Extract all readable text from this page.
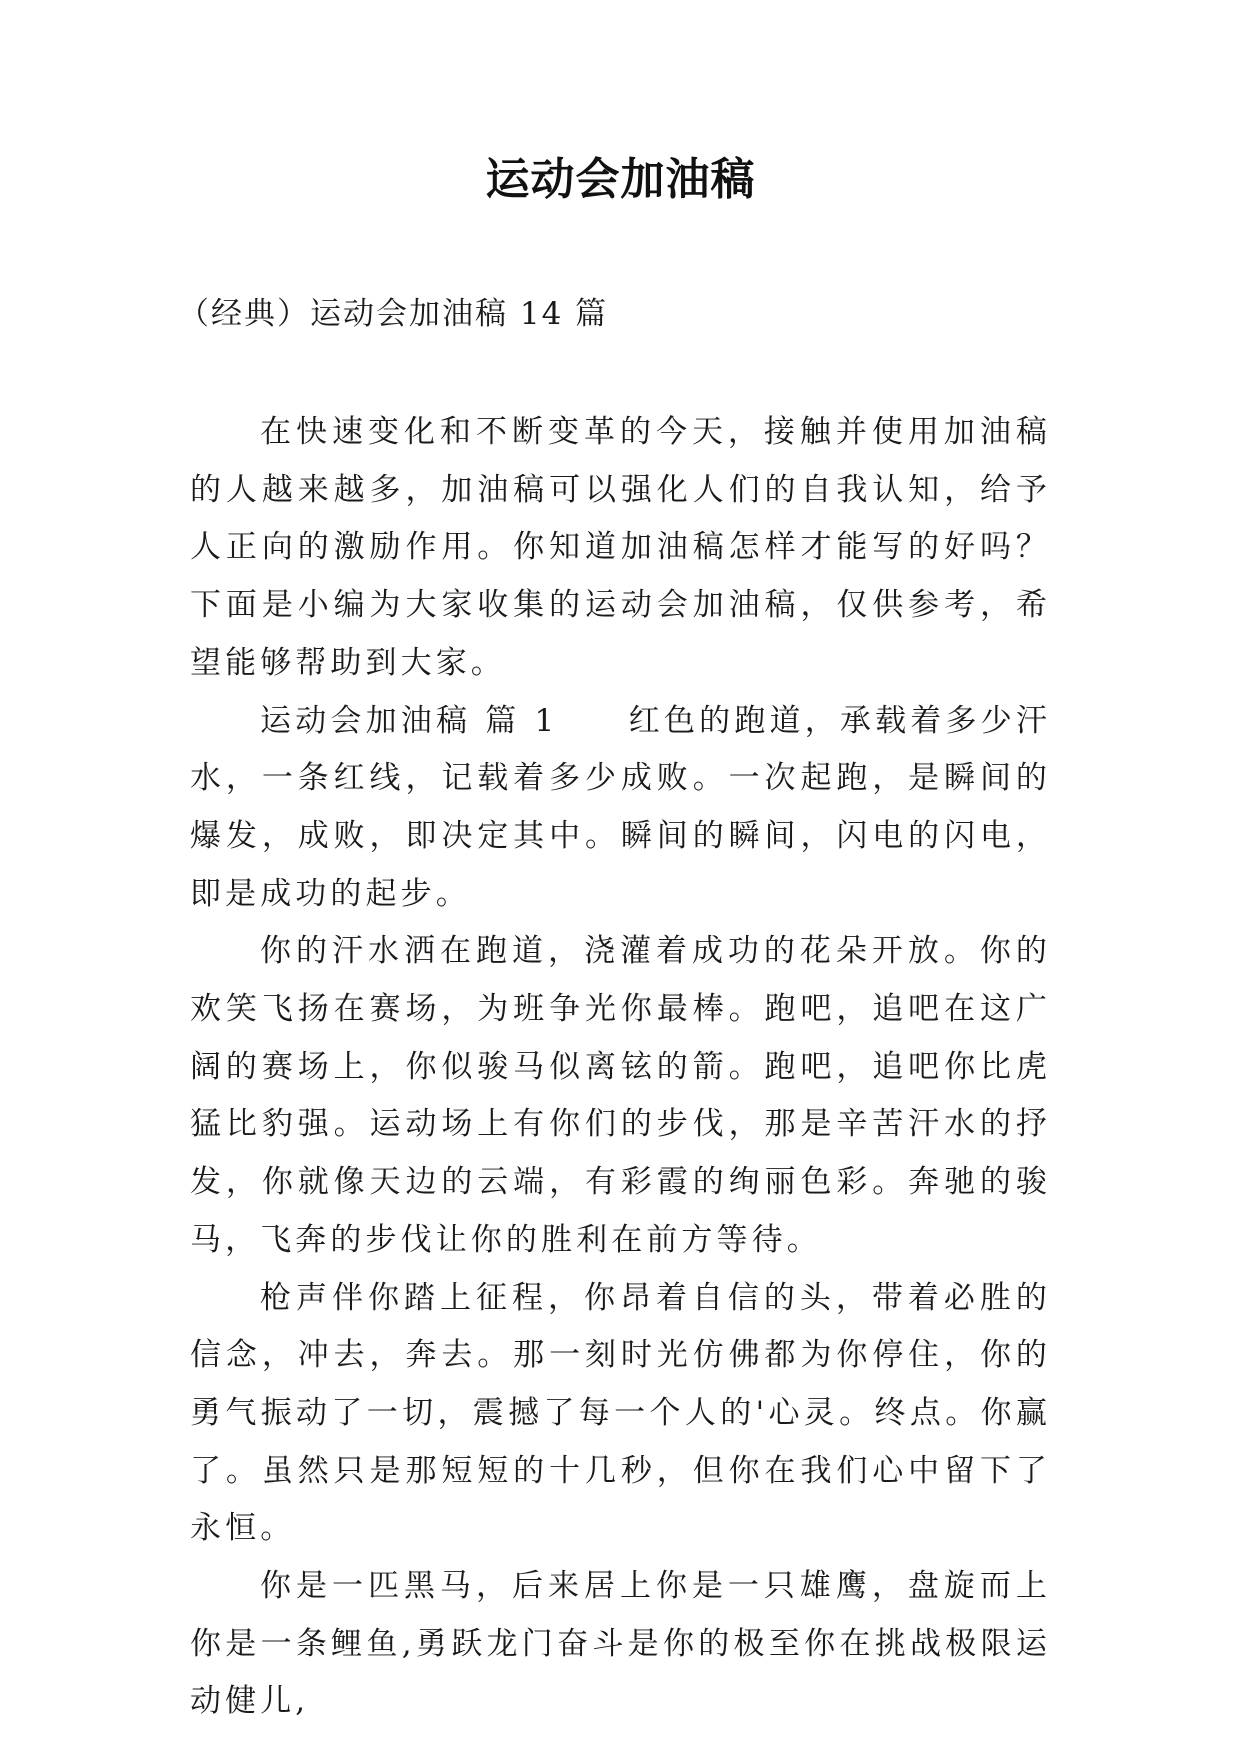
运动会加油稿
（经典）运动会加油稿 14 篇

在快速变化和不断变革的今天，接触并使用加油稿的人越来越多，加油稿可以强化人们的自我认知，给予人正向的激励作用。你知道加油稿怎样才能写的好吗？下面是小编为大家收集的运动会加油稿，仅供参考，希望能够帮助到大家。

运动会加油稿 篇 1　　红色的跑道，承载着多少汗水，一条红线，记载着多少成败。一次起跑，是瞬间的爆发，成败，即决定其中。瞬间的瞬间，闪电的闪电，即是成功的起步。

你的汗水洒在跑道，浇灌着成功的花朵开放。你的欢笑飞扬在赛场，为班争光你最棒。跑吧，追吧在这广阔的赛场上，你似骏马似离铉的箭。跑吧，追吧你比虎猛比豹强。运动场上有你们的步伐，那是辛苦汗水的抒发，你就像天边的云端，有彩霞的绚丽色彩。奔驰的骏马，飞奔的步伐让你的胜利在前方等待。

枪声伴你踏上征程，你昂着自信的头，带着必胜的信念，冲去，奔去。那一刻时光仿佛都为你停住，你的勇气振动了一切，震撼了每一个人的'心灵。终点。你赢了。虽然只是那短短的十几秒，但你在我们心中留下了永恒。

你是一匹黑马，后来居上你是一只雄鹰，盘旋而上你是一条鲤鱼,勇跃龙门奋斗是你的极至你在挑战极限运动健儿,
